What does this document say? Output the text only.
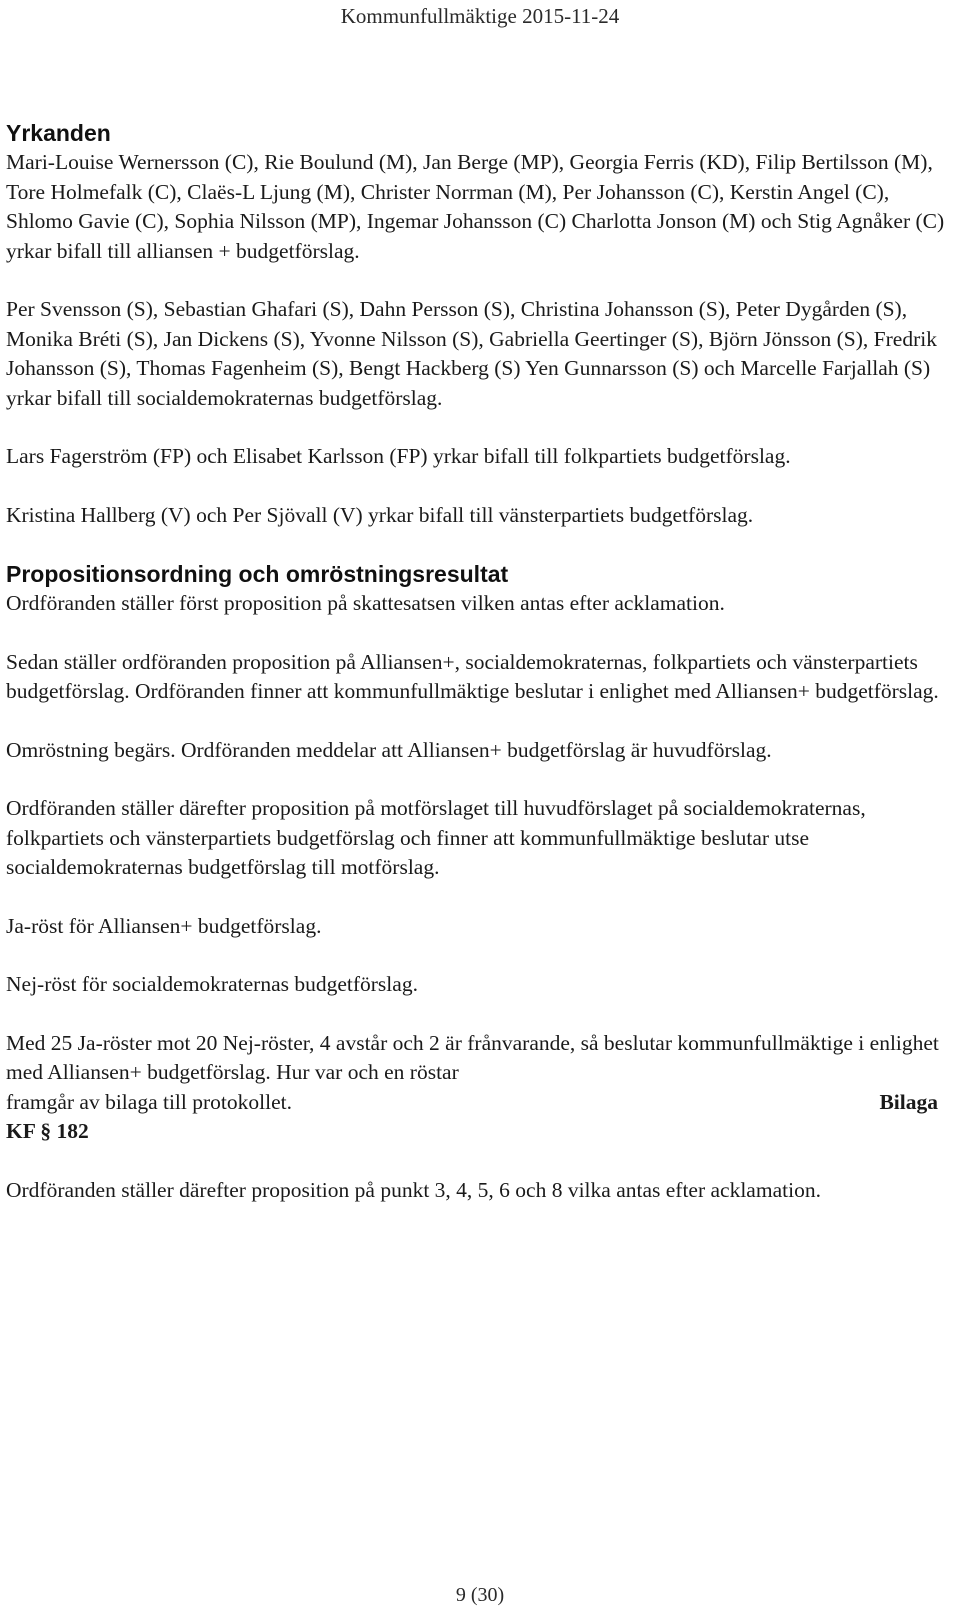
Kommunfullmäktige 2015-11-24
Yrkanden

Mari-Louise Wernersson (C), Rie Boulund (M), Jan Berge (MP), Georgia Ferris (KD), Filip Bertilsson (M), Tore Holmefalk (C), Claës-L Ljung (M), Christer Norrman (M), Per Johansson (C), Kerstin Angel (C), Shlomo Gavie (C), Sophia Nilsson (MP), Ingemar Johansson (C) Charlotta Jonson (M) och Stig Agnåker (C) yrkar bifall till alliansen + budgetförslag.

Per Svensson (S), Sebastian Ghafari (S), Dahn Persson (S), Christina Johansson (S), Peter Dygården (S), Monika Bréti (S), Jan Dickens (S), Yvonne Nilsson (S), Gabriella Geertinger (S), Björn Jönsson (S), Fredrik Johansson (S), Thomas Fagenheim (S), Bengt Hackberg (S) Yen Gunnarsson (S) och Marcelle Farjallah (S) yrkar bifall till socialdemokraternas budgetförslag.

Lars Fagerström (FP) och Elisabet Karlsson (FP) yrkar bifall till folkpartiets budgetförslag.

Kristina Hallberg (V) och Per Sjövall (V) yrkar bifall till vänsterpartiets budgetförslag.

Propositionsordning och omröstningsresultat

Ordföranden ställer först proposition på skattesatsen vilken antas efter acklamation.

Sedan ställer ordföranden proposition på Alliansen+, socialdemokraternas, folkpartiets och vänsterpartiets budgetförslag. Ordföranden finner att kommunfullmäktige beslutar i enlighet med Alliansen+ budgetförslag.

Omröstning begärs. Ordföranden meddelar att Alliansen+ budgetförslag är huvudförslag.

Ordföranden ställer därefter proposition på motförslaget till huvudförslaget på socialdemokraternas, folkpartiets och vänsterpartiets budgetförslag och finner att kommunfullmäktige beslutar utse socialdemokraternas budgetförslag till motförslag.

Ja-röst för Alliansen+ budgetförslag.

Nej-röst för socialdemokraternas budgetförslag.

Med 25 Ja-röster mot 20 Nej-röster, 4 avstår och 2 är frånvarande, så beslutar kommunfullmäktige i enlighet med Alliansen+ budgetförslag. Hur var och en röstar

framgår av bilaga till protokollet.	Bilaga
KF § 182

Ordföranden ställer därefter proposition på punkt 3, 4, 5, 6 och 8 vilka antas efter acklamation.

9 (30)
